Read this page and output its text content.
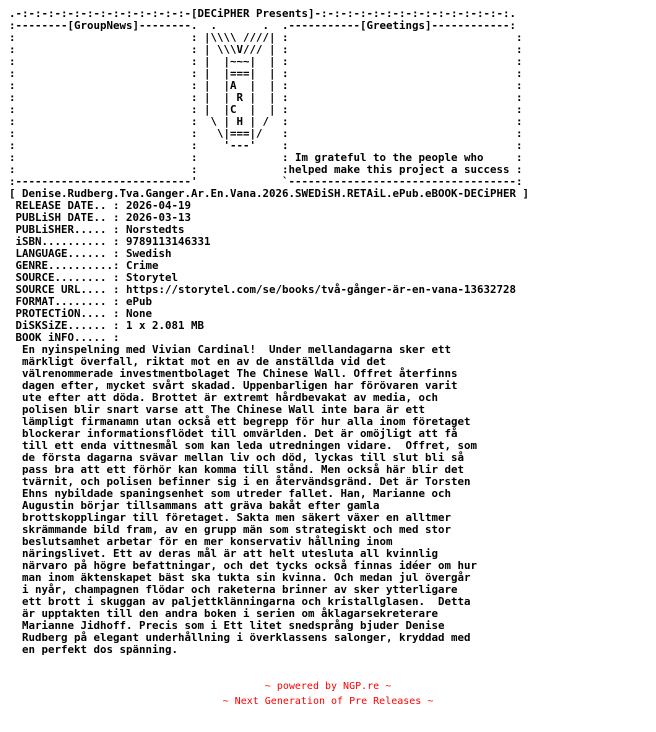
.-:-:-:-:-:-:-:-:-:-:-:-:-:-[DECiPHER Presents]-:-:-:-:-:-:-:-:-:-:-:-:-:-:-:.
:--------[GroupNews]--------.  .       .  .-----------[Greetings]------------:
:                           : |\\\\ ////| :                                   :
:                           : | \\\V/// | :                                   :
:                           : |  |~~~|  | :                                   :
:                           : |  |===|  | :                                   :
:                           : |  |A  |  | :                                   :
:                           : |  | R |  | :                                   :
:                           : |  |C  |  | :                                   :
:                           :  \ | H | /  :                                   :
:                           :   \|===|/   :                                   :
:                           :    '---'    :                                   :
:                           :             : Im grateful to the people who     :
:                           :             :helped make this project a success :
:---------------------------'             `-----------------------------------:
[ Denise.Rudberg.Tva.Ganger.Ar.En.Vana.2026.SWEDiSH.RETAiL.ePub.eBOOK-DECiPHER ]
RELEASE DATE.. : 2026-04-19
PUBLiSH DATE.. : 2026-03-13
PUBLiSHER..... : Norstedts
iSBN.......... : 9789113146331
LANGUAGE...... : Swedish
GENRE..........: Crime
SOURCE........ : Storytel
SOURCE URL.... : https://storytel.com/se/books/två-gånger-är-en-vana-13632728
FORMAT........ : ePub
PROTECTiON.... : None
DiSKSiZE...... : 1 x 2.081 MB
BOOK iNFO..... :
En nyinspelning med Vivian Cardinal!  Under mellandagarna sker ett
märkligt överfall, riktat mot en av de anställda vid det
välrenommerade investmentbolaget The Chinese Wall. Offret återfinns
dagen efter, mycket svårt skadad. Uppenbarligen har förövaren varit
ute efter att döda. Brottet är extremt hårdbevakat av media, och
polisen blir snart varse att The Chinese Wall inte bara är ett
lämpligt firmanamn utan också ett begrepp för hur alla inom företaget
blockerar informationsflödet till omvärlden. Det är omöjligt att få
till ett enda vittnesmål som kan leda utredningen vidare.  Offret, som
de första dagarna svävar mellan liv och död, lyckas till slut bli så
pass bra att ett förhör kan komma till stånd. Men också här blir det
tvärnit, och polisen befinner sig i en återvändsgränd. Det är Torsten
Ehns nybildade spaningsenhet som utreder fallet. Han, Marianne och
Augustin börjar tillsammans att gräva bakåt efter gamla
brottskopplingar till företaget. Sakta men säkert växer en alltmer
skrämmande bild fram, av en grupp män som strategiskt och med stor
beslutsamhet arbetar för en mer konservativ hållning inom
näringslivet. Ett av deras mål är att helt utesluta all kvinnlig
närvaro på högre befattningar, och det tycks också finnas idéer om hur
man inom äktenskapet bäst ska tukta sin kvinna. Och medan jul övergår
i nyår, champagnen flödar och raketerna brinner av sker ytterligare
ett brott i skuggan av paljettklänningarna och kristallglasen.  Detta
är upptakten till den andra boken i serien om åklagarsekreterare
Marianne Jidhoff. Precis som i Ett litet snedsprång bjuder Denise
Rudberg på elegant underhållning i överklassens salonger, kryddad med
en perfekt dos spänning.
~ powered by NGP.re ~
~ Next Generation of Pre Releases ~
